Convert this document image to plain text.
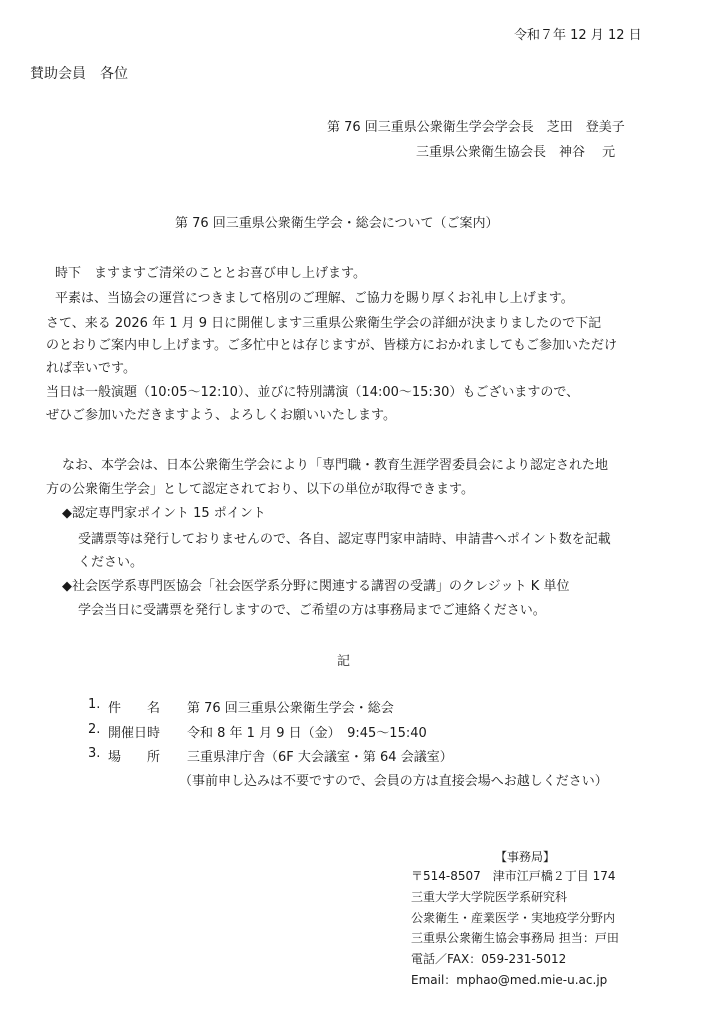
令和７年 12 月 12 日
賛助会員　各位
第 76 回三重県公衆衛生学会学会長　芝田　登美子
三重県公衆衛生協会長　神谷　 元
第 76 回三重県公衆衛生学会・総会について（ご案内）
時下　ますますご清栄のこととお喜び申し上げます。
平素は、当協会の運営につきまして格別のご理解、ご協力を賜り厚くお礼申し上げます。
さて、来る 2026 年 1 月 9 日に開催します三重県公衆衛生学会の詳細が決まりましたので下記
のとおりご案内申し上げます。ご多忙中とは存じますが、皆様方におかれましてもご参加いただけ
れば幸いです。
当日は一般演題（10:05～12:10）、並びに特別講演（14:00～15:30）もございますので、
ぜひご参加いただきますよう、よろしくお願いいたします。
なお、本学会は、日本公衆衛生学会により「専門職・教育生涯学習委員会により認定された地
方の公衆衛生学会」として認定されており、以下の単位が取得できます。
◆認定専門家ポイント 15 ポイント
受講票等は発行しておりませんので、各自、認定専門家申請時、申請書へポイント数を記載
ください。
◆社会医学系専門医協会「社会医学系分野に関連する講習の受講」のクレジット K 単位
学会当日に受講票を発行しますので、ご希望の方は事務局までご連絡ください。
記
1. 件　　名 第 76 回三重県公衆衛生学会・総会
2. 開催日時 令和 8 年 1 月 9 日（金）　9:45～15:40
3. 場　　所 三重県津庁舎（6F 大会議室・第 64 会議室）
（事前申し込みは不要ですので、会員の方は直接会場へお越しください）
【事務局】
〒514-8507　津市江戸橋２丁目 174
三重大学大学院医学系研究科
公衆衛生・産業医学・実地疫学分野内
三重県公衆衛生協会事務局 担当：戸田
電話／FAX：059-231-5012
Email：mphao@med.mie-u.ac.jp
